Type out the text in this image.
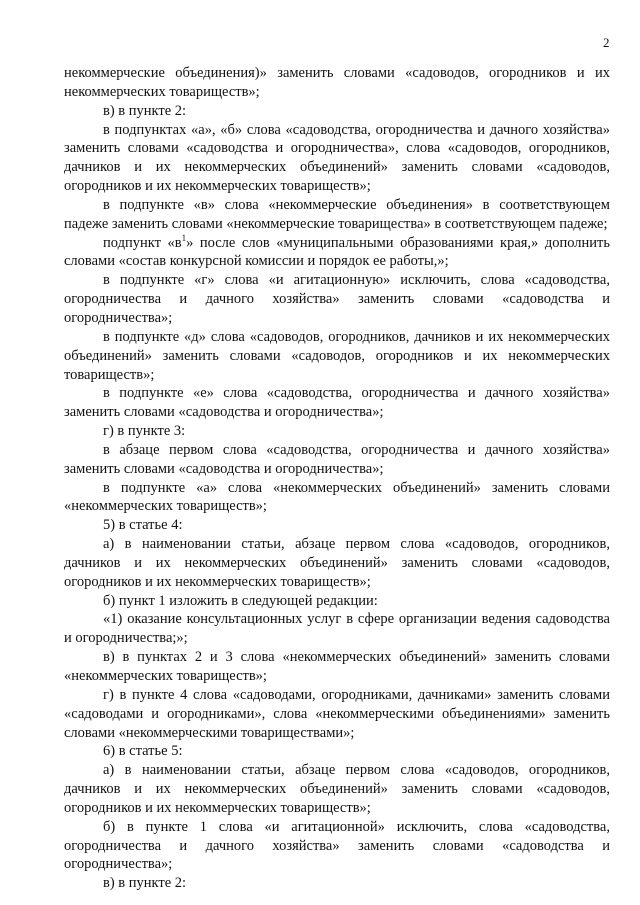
2

некоммерческие объединения)» заменить словами «садоводов, огородников и их некоммерческих товариществ»;

в) в пункте 2:

в подпунктах «а», «б» слова «садоводства, огородничества и дачного хозяйства» заменить словами «садоводства и огородничества», слова «садоводов, огородников, дачников и их некоммерческих объединений» заменить словами «садоводов, огородников и их некоммерческих товариществ»;

в подпункте «в» слова «некоммерческие объединения» в соответствующем падеже заменить словами «некоммерческие товарищества» в соответствующем падеже;

подпункт «$в^1$» после слов «муниципальными образованиями края,» дополнить словами «состав конкурсной комиссии и порядок ее работы,»;

в подпункте «г» слова «и агитационную» исключить, слова «садоводства, огородничества и дачного хозяйства» заменить словами «садоводства и огородничества»;

в подпункте «д» слова «садоводов, огородников, дачников и их некоммерческих объединений» заменить словами «садоводов, огородников и их некоммерческих товариществ»;

в подпункте «е» слова «садоводства, огородничества и дачного хозяйства» заменить словами «садоводства и огородничества»;

г) в пункте 3:

в абзаце первом слова «садоводства, огородничества и дачного хозяйства» заменить словами «садоводства и огородничества»;

в подпункте «а» слова «некоммерческих объединений» заменить словами «некоммерческих товариществ»;

5) в статье 4:

а) в наименовании статьи, абзаце первом слова «садоводов, огородников, дачников и их некоммерческих объединений» заменить словами «садоводов, огородников и их некоммерческих товариществ»;

б) пункт 1 изложить в следующей редакции:

«1) оказание консультационных услуг в сфере организации ведения садоводства и огородничества;»;

в) в пунктах 2 и 3 слова «некоммерческих объединений» заменить словами «некоммерческих товариществ»;

г) в пункте 4 слова «садоводами, огородниками, дачниками» заменить словами «садоводами и огородниками», слова «некоммерческими объединениями» заменить словами «некоммерческими товариществами»;

6) в статье 5:

а) в наименовании статьи, абзаце первом слова «садоводов, огородников, дачников и их некоммерческих объединений» заменить словами «садоводов, огородников и их некоммерческих товариществ»;

б) в пункте 1 слова «и агитационной» исключить, слова «садоводства, огородничества и дачного хозяйства» заменить словами «садоводства и огородничества»;

в) в пункте 2:
